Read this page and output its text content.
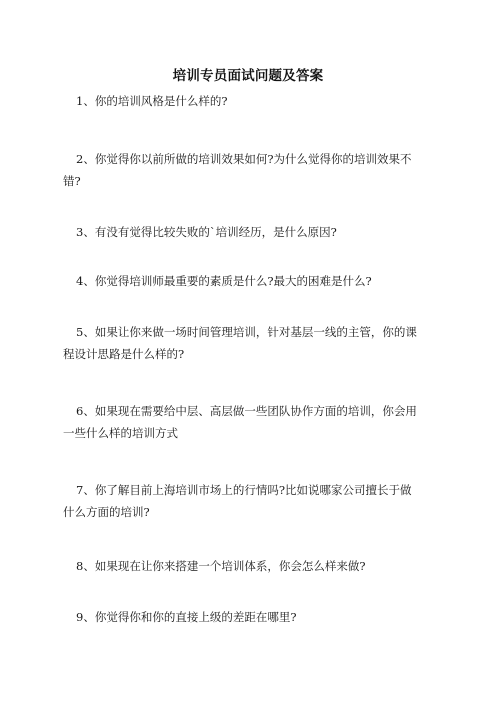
培训专员面试问题及答案

1、你的培训风格是什么样的?

2、你觉得你以前所做的培训效果如何?为什么觉得你的培训效果不错?

3、有没有觉得比较失败的`培训经历，是什么原因?

4、你觉得培训师最重要的素质是什么?最大的困难是什么?

5、如果让你来做一场时间管理培训，针对基层一线的主管，你的课程设计思路是什么样的?

6、如果现在需要给中层、高层做一些团队协作方面的培训，你会用一些什么样的培训方式

7、你了解目前上海培训市场上的行情吗?比如说哪家公司擅长于做什么方面的培训?

8、如果现在让你来搭建一个培训体系，你会怎么样来做?

9、你觉得你和你的直接上级的差距在哪里?
